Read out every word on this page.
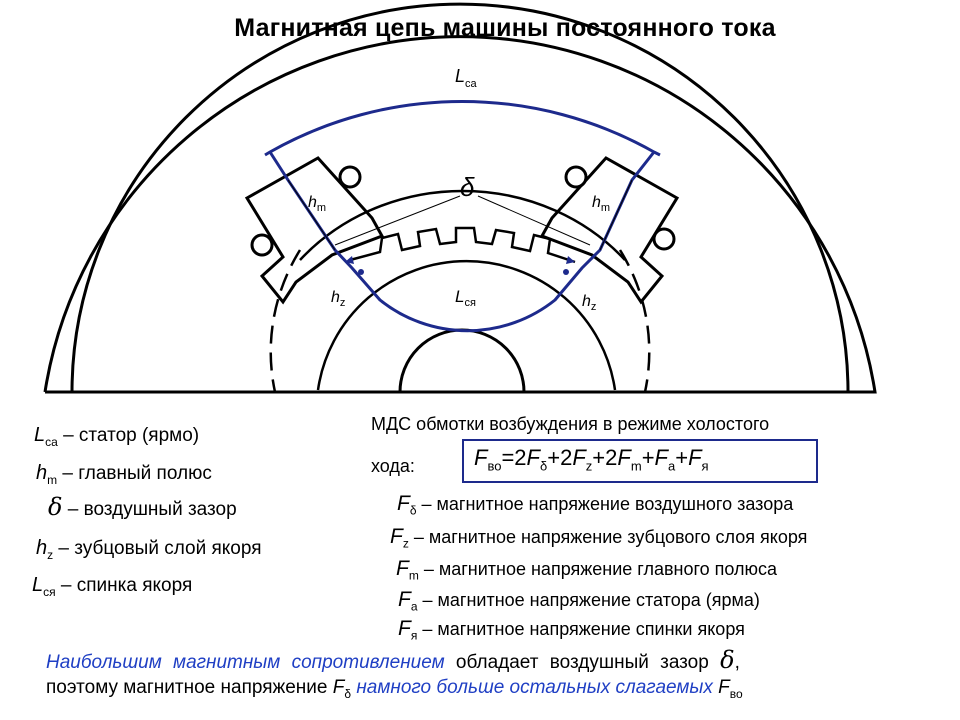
Магнитная цепь машины постоянного тока
$L_{са}$
$h_m$	$h_m$
δ
$h_z$	$h_z$
$L_{ся}$
$L_{са}$ – статор (ярмо)
$h_m$ – главный полюс
δ – воздушный зазор
$h_z$ – зубцовый слой якоря
$L_{ся}$ – спинка якоря
МДС обмотки возбуждения в режиме холостого
хода:	$F_{во}=2F_\delta+2F_z+2F_m+F_a+F_я$
$F_\delta$ – магнитное напряжение воздушного зазора
$F_z$ – магнитное напряжение зубцового слоя якоря
$F_m$ – магнитное напряжение главного полюса
$F_a$ – магнитное напряжение статора (ярма)
$F_я$ – магнитное напряжение спинки якоря
Наибольшим магнитным сопротивлением обладает воздушный зазор δ,
поэтому магнитное напряжение $F_\delta$ намного больше остальных слагаемых $F_{во}$
